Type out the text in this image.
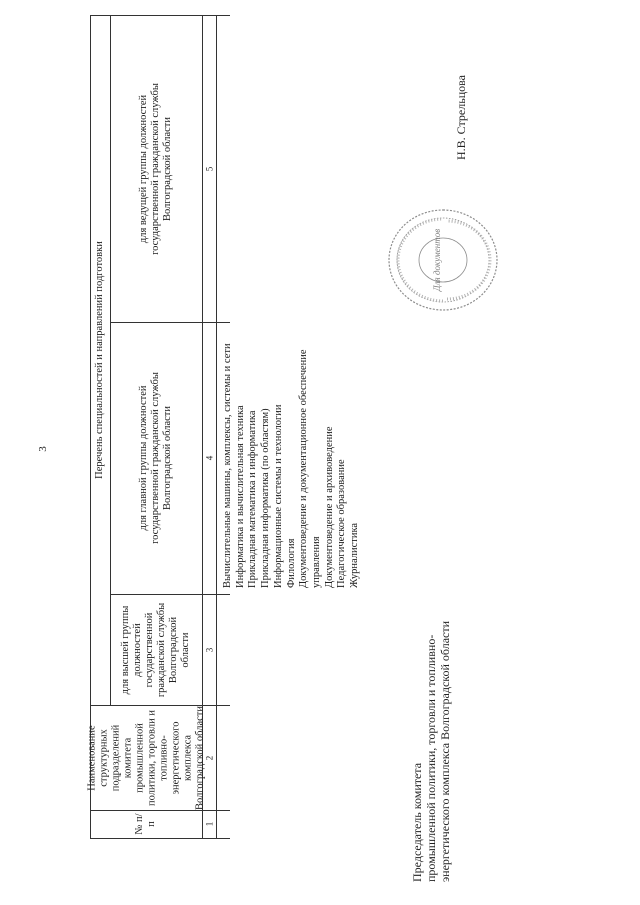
3	Перечень специальностей и направлений подготовки
№ п/п
Наименование структурных подразделений комитета промышленной политики, торговли и топливно-энергетического комплекса Волгоградской области
для высшей группы должностей государственной гражданской службы Волгоградской области
для главной группы должностей государственной гражданской службы Волгоградской области
для ведущей группы должностей государственной гражданской службы Волгоградской области
1
2
3
4
5
Вычислительные машины, комплексы, системы и сети Информатика и вычислительная техника Прикладная математика и информатика Прикладная информатика (по областям) Информационные системы и технологии Филология Документоведение и документационное обеспечение управления Документоведение и архивоведение Педагогическое образование Журналистика
Председатель комитета промышленной политики, торговли и топливно- энергетического комплекса Волгоградской области
Н.В. Стрельцова
Для документов
